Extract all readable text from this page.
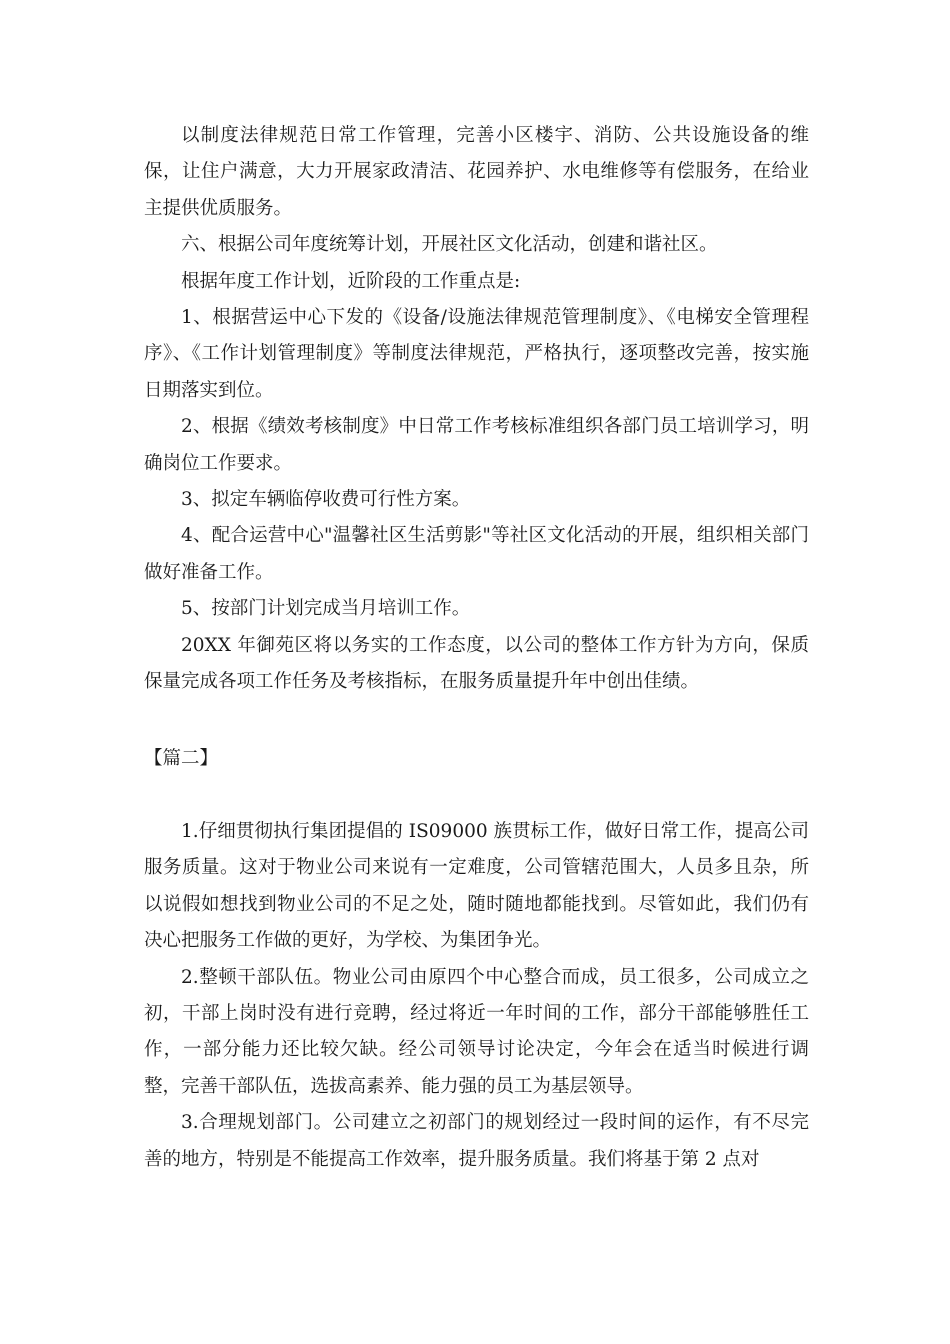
以制度法律规范日常工作管理，完善小区楼宇、消防、公共设施设备的维保，让住户满意，大力开展家政清洁、花园养护、水电维修等有偿服务，在给业主提供优质服务。

六、根据公司年度统筹计划，开展社区文化活动，创建和谐社区。

根据年度工作计划，近阶段的工作重点是:

1、根据营运中心下发的《设备/设施法律规范管理制度》、《电梯安全管理程序》、《工作计划管理制度》等制度法律规范，严格执行，逐项整改完善，按实施日期落实到位。

2、根据《绩效考核制度》中日常工作考核标准组织各部门员工培训学习，明确岗位工作要求。

3、拟定车辆临停收费可行性方案。

4、配合运营中心"温馨社区生活剪影"等社区文化活动的开展，组织相关部门做好准备工作。

5、按部门计划完成当月培训工作。

20XX 年御苑区将以务实的工作态度，以公司的整体工作方针为方向，保质保量完成各项工作任务及考核指标，在服务质量提升年中创出佳绩。

【篇二】

1.仔细贯彻执行集团提倡的 IS09000 族贯标工作，做好日常工作，提高公司服务质量。这对于物业公司来说有一定难度，公司管辖范围大，人员多且杂，所以说假如想找到物业公司的不足之处，随时随地都能找到。尽管如此，我们仍有决心把服务工作做的更好，为学校、为集团争光。

2.整顿干部队伍。物业公司由原四个中心整合而成，员工很多，公司成立之初，干部上岗时没有进行竞聘，经过将近一年时间的工作，部分干部能够胜任工作，一部分能力还比较欠缺。经公司领导讨论决定，今年会在适当时候进行调整，完善干部队伍，选拔高素养、能力强的员工为基层领导。

3.合理规划部门。公司建立之初部门的规划经过一段时间的运作，有不尽完善的地方，特别是不能提高工作效率，提升服务质量。我们将基于第 2 点对
